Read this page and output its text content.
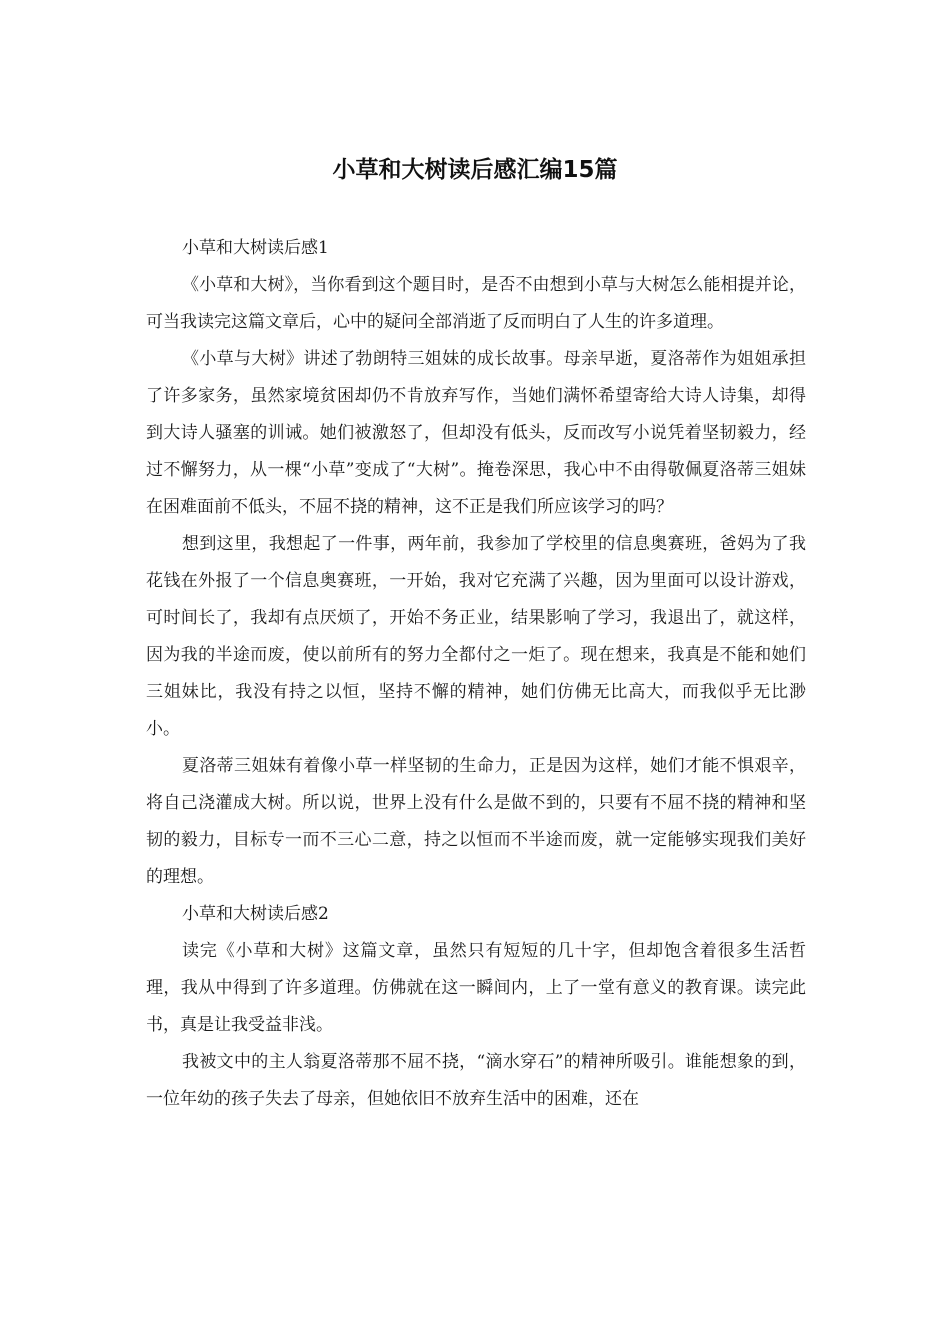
小草和大树读后感汇编15篇

小草和大树读后感1

《小草和大树》，当你看到这个题目时，是否不由想到小草与大树怎么能相提并论，可当我读完这篇文章后，心中的疑问全部消逝了反而明白了人生的许多道理。

《小草与大树》讲述了勃朗特三姐妹的成长故事。母亲早逝，夏洛蒂作为姐姐承担了许多家务，虽然家境贫困却仍不肯放弃写作，当她们满怀希望寄给大诗人诗集，却得到大诗人骚塞的训诫。她们被激怒了，但却没有低头，反而改写小说凭着坚韧毅力，经过不懈努力，从一棵“小草”变成了“大树”。掩卷深思，我心中不由得敬佩夏洛蒂三姐妹在困难面前不低头，不屈不挠的精神，这不正是我们所应该学习的吗？

想到这里，我想起了一件事，两年前，我参加了学校里的信息奥赛班，爸妈为了我花钱在外报了一个信息奥赛班，一开始，我对它充满了兴趣，因为里面可以设计游戏，可时间长了，我却有点厌烦了，开始不务正业，结果影响了学习，我退出了，就这样，因为我的半途而废，使以前所有的努力全都付之一炬了。现在想来，我真是不能和她们三姐妹比，我没有持之以恒，坚持不懈的精神，她们仿佛无比高大，而我似乎无比渺小。

夏洛蒂三姐妹有着像小草一样坚韧的生命力，正是因为这样，她们才能不惧艰辛，将自己浇灌成大树。所以说，世界上没有什么是做不到的，只要有不屈不挠的精神和坚韧的毅力，目标专一而不三心二意，持之以恒而不半途而废，就一定能够实现我们美好的理想。

小草和大树读后感2

读完《小草和大树》这篇文章，虽然只有短短的几十字，但却饱含着很多生活哲理，我从中得到了许多道理。仿佛就在这一瞬间内，上了一堂有意义的教育课。读完此书，真是让我受益非浅。

我被文中的主人翁夏洛蒂那不屈不挠，“滴水穿石”的精神所吸引。谁能想象的到，一位年幼的孩子失去了母亲，但她依旧不放弃生活中的困难，还在
